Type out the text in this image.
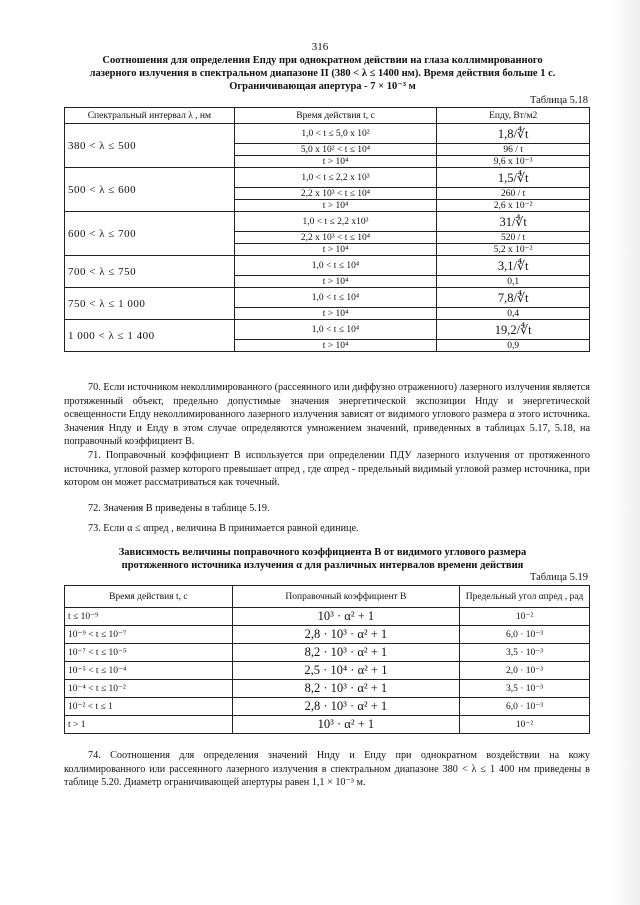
316
Соотношения для определения Eпду при однократном действии на глаза коллимированного
лазерного излучения в спектральном диапазоне II (380 < λ ≤ 1400 нм). Время действия больше 1 с.
Ограничивающая апертура - 7 × 10⁻³ м
Таблица 5.18
Спектральный интервал λ , нм	Время действия t, с	Eпду, Вт/м2
380 < λ ≤ 500	1,0 < t ≤ 5,0 x 10²	1,8/∜t
	5,0 x 10² < t ≤ 10⁴	96 / t
	t > 10⁴	9,6 x 10⁻³
500 < λ ≤ 600	1,0 < t ≤ 2,2 x 10³	1,5/∜t
	2,2 x 10³ < t ≤ 10⁴	260 / t
	t > 10⁴	2,6 x 10⁻²
600 < λ ≤ 700	1,0 < t ≤ 2,2 x10³	31/∜t
	2,2 x 10³ < t ≤ 10⁴	520 / t
	t > 10⁴	5,2 x 10⁻²
700 < λ ≤ 750	1,0 < t ≤ 10⁴	3,1/∜t
	t > 10⁴	0,1
750 < λ ≤ 1 000	1,0 < t ≤ 10⁴	7,8/∜t
	t > 10⁴	0,4
1 000 < λ ≤ 1 400	1,0 < t ≤ 10⁴	19,2/∜t
	t > 10⁴	0,9
70. Если источником неколлимированного (рассеянного или диффузно отраженного) лазерного излучения является протяженный объект, предельно допустимые значения энергетической экспозиции Нпду и энергетической освещенности Епду неколлимированного лазерного излучения зависят от видимого углового размера α этого источника. Значения Нпду и Епду в этом случае определяются умножением значений, приведенных в таблицах 5.17, 5.18, на поправочный коэффициент В.
71. Поправочный коэффициент В используется при определении ПДУ лазерного излучения от протяженного источника, угловой размер которого превышает αпред , где αпред - предельный видимый угловой размер источника, при котором он может рассматриваться как точечный.
72. Значения В приведены в таблице 5.19.
73. Если α ≤ αпред , величина В принимается равной единице.
Зависимость величины поправочного коэффициента В от видимого углового размера
протяженного источника излучения α для различных интервалов времени действия
Таблица 5.19
Время действия t, с	Поправочный коэффициент В	Предельный угол αпред , рад
t ≤ 10⁻⁹	10³ · α² + 1	10⁻²
10⁻⁹ < t ≤ 10⁻⁷	2,8 · 10³ · α² + 1	6,0 · 10⁻³
10⁻⁷ < t ≤ 10⁻⁵	8,2 · 10³ · α² + 1	3,5 · 10⁻³
10⁻⁵ < t ≤ 10⁻⁴	2,5 · 10⁴ · α² + 1	2,0 · 10⁻³
10⁻⁴ < t ≤ 10⁻²	8,2 · 10³ · α² + 1	3,5 · 10⁻³
10⁻² < t ≤ 1	2,8 · 10³ · α² + 1	6,0 · 10⁻³
t > 1	10³ · α² + 1	10⁻²
74. Соотношения для определения значений Нпду и Епду при однократном воздействии на кожу коллимированного или рассеянного лазерного излучения в спектральном диапазоне 380 < λ ≤ 1 400 нм приведены в таблице 5.20. Диаметр ограничивающей апертуры равен 1,1 × 10⁻³ м.
